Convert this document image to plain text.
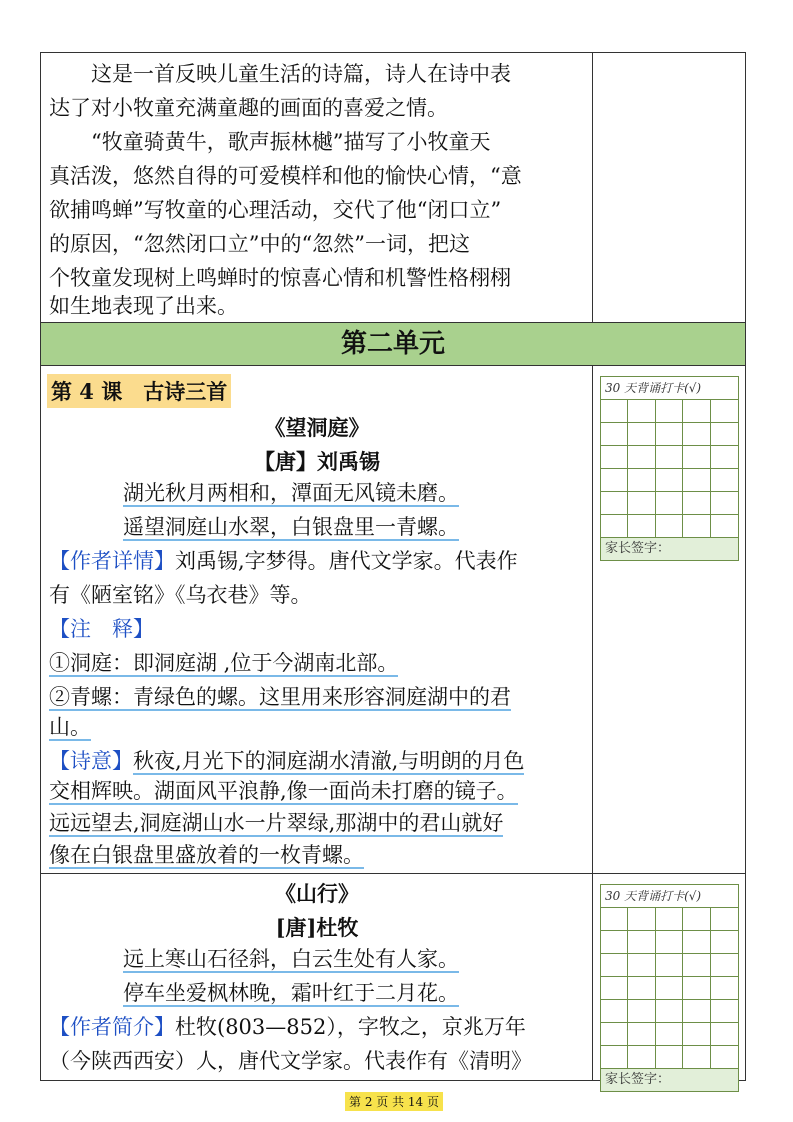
　　这是一首反映儿童生活的诗篇，诗人在诗中表
达了对小牧童充满童趣的画面的喜爱之情。
　　“牧童骑黄牛，歌声振林樾”描写了小牧童天
真活泼，悠然自得的可爱模样和他的愉快心情，“意
欲捕鸣蝉”写牧童的心理活动，交代了他“闭口立”
的原因，“忽然闭口立”中的“忽然”一词，把这
个牧童发现树上鸣蝉时的惊喜心情和机警性格栩栩
如生地表现了出来。
第二单元
第 4 课　古诗三首
《望洞庭》
【唐】刘禹锡
湖光秋月两相和，潭面无风镜未磨。
遥望洞庭山水翠，白银盘里一青螺。
【作者详情】刘禹锡,字梦得。唐代文学家。代表作
有《陋室铭》《乌衣巷》等。
【注　释】
①洞庭：即洞庭湖 ,位于今湖南北部。
②青螺：青绿色的螺。这里用来形容洞庭湖中的君
山。
【诗意】秋夜,月光下的洞庭湖水清澈,与明朗的月色
交相辉映。湖面风平浪静,像一面尚未打磨的镜子。
远远望去,洞庭湖山水一片翠绿,那湖中的君山就好
像在白银盘里盛放着的一枚青螺。
30 天背诵打卡(√)
家长签字：
《山行》
[唐]杜牧
远上寒山石径斜，白云生处有人家。
停车坐爱枫林晚，霜叶红于二月花。
【作者简介】杜牧(803—852），字牧之，京兆万年
（今陕西西安）人，唐代文学家。代表作有《清明》
30 天背诵打卡(√)
家长签字：
第 2 页 共 14 页
